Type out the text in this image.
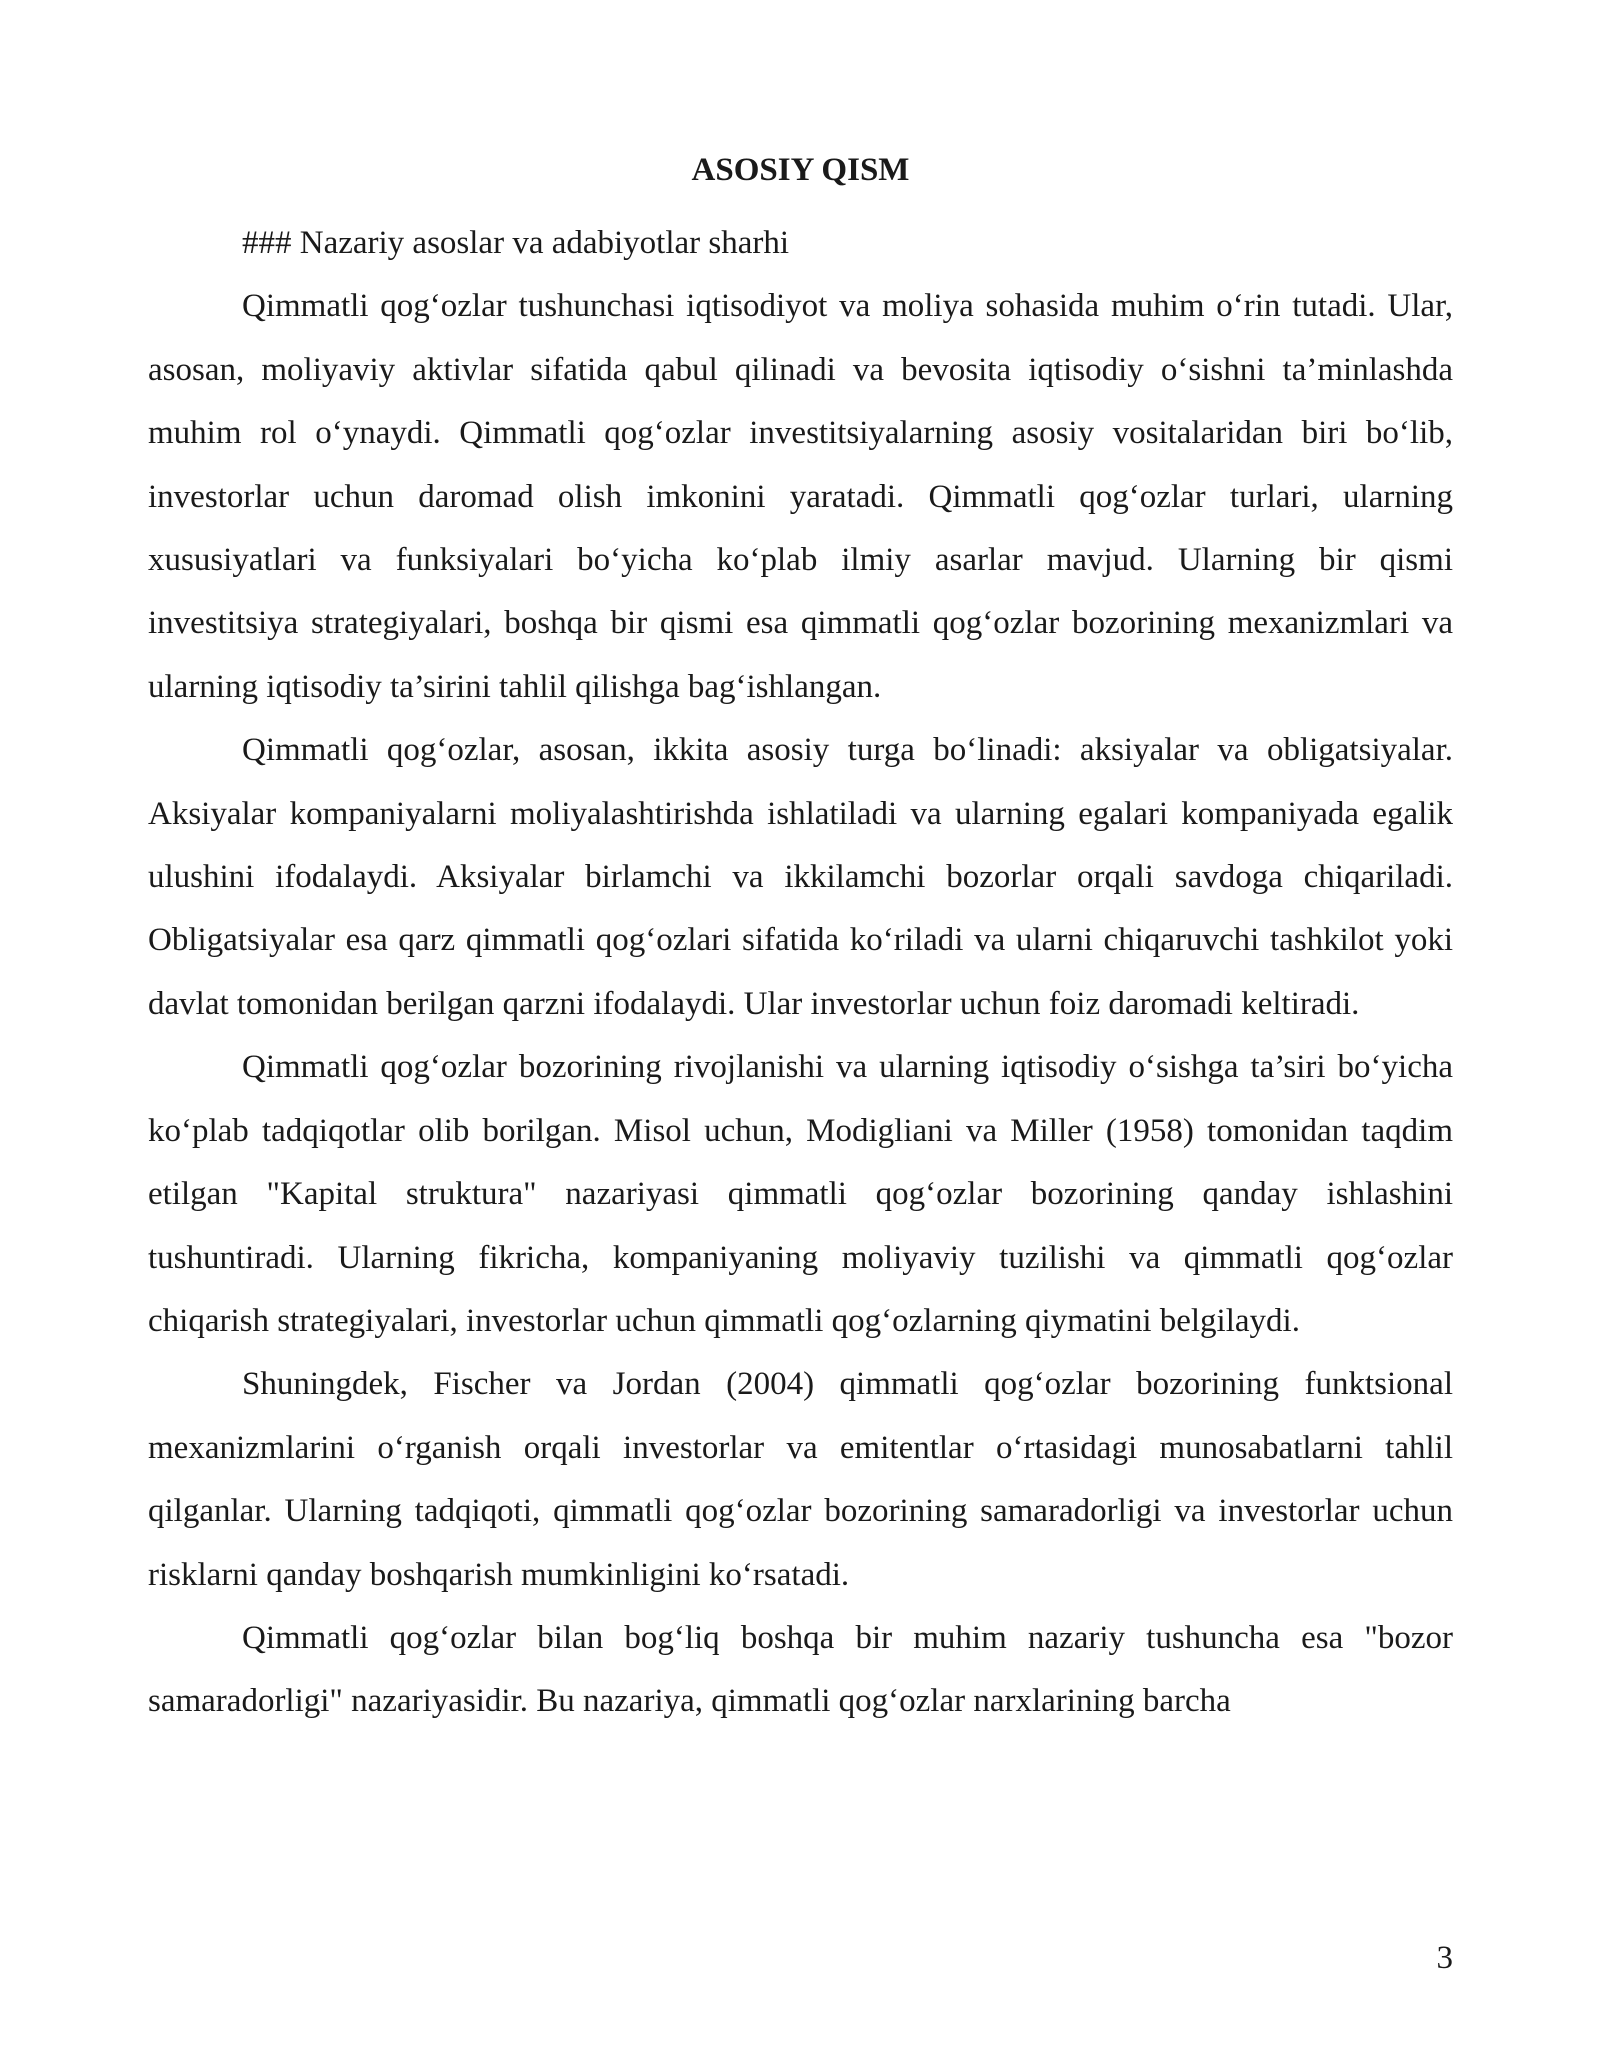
ASOSIY QISM

### Nazariy asoslar va adabiyotlar sharhi

Qimmatli qog‘ozlar tushunchasi iqtisodiyot va moliya sohasida muhim o‘rin tutadi. Ular, asosan, moliyaviy aktivlar sifatida qabul qilinadi va bevosita iqtisodiy o‘sishni ta’minlashda muhim rol o‘ynaydi. Qimmatli qog‘ozlar investitsiyalarning asosiy vositalaridan biri bo‘lib, investorlar uchun daromad olish imkonini yaratadi. Qimmatli qog‘ozlar turlari, ularning xususiyatlari va funksiyalari bo‘yicha ko‘plab ilmiy asarlar mavjud. Ularning bir qismi investitsiya strategiyalari, boshqa bir qismi esa qimmatli qog‘ozlar bozorining mexanizmlari va ularning iqtisodiy ta’sirini tahlil qilishga bag‘ishlangan.

Qimmatli qog‘ozlar, asosan, ikkita asosiy turga bo‘linadi: aksiyalar va obligatsiyalar. Aksiyalar kompaniyalarni moliyalashtirishda ishlatiladi va ularning egalari kompaniyada egalik ulushini ifodalaydi. Aksiyalar birlamchi va ikkilamchi bozorlar orqali savdoga chiqariladi. Obligatsiyalar esa qarz qimmatli qog‘ozlari sifatida ko‘riladi va ularni chiqaruvchi tashkilot yoki davlat tomonidan berilgan qarzni ifodalaydi. Ular investorlar uchun foiz daromadi keltiradi.

Qimmatli qog‘ozlar bozorining rivojlanishi va ularning iqtisodiy o‘sishga ta’siri bo‘yicha ko‘plab tadqiqotlar olib borilgan. Misol uchun, Modigliani va Miller (1958) tomonidan taqdim etilgan "Kapital struktura" nazariyasi qimmatli qog‘ozlar bozorining qanday ishlashini tushuntiradi. Ularning fikricha, kompaniyaning moliyaviy tuzilishi va qimmatli qog‘ozlar chiqarish strategiyalari, investorlar uchun qimmatli qog‘ozlarning qiymatini belgilaydi.

Shuningdek, Fischer va Jordan (2004) qimmatli qog‘ozlar bozorining funktsional mexanizmlarini o‘rganish orqali investorlar va emitentlar o‘rtasidagi munosabatlarni tahlil qilganlar. Ularning tadqiqoti, qimmatli qog‘ozlar bozorining samaradorligi va investorlar uchun risklarni qanday boshqarish mumkinligini ko‘rsatadi.

Qimmatli qog‘ozlar bilan bog‘liq boshqa bir muhim nazariy tushuncha esa "bozor samaradorligi" nazariyasidir. Bu nazariya, qimmatli qog‘ozlar narxlarining barcha

3
